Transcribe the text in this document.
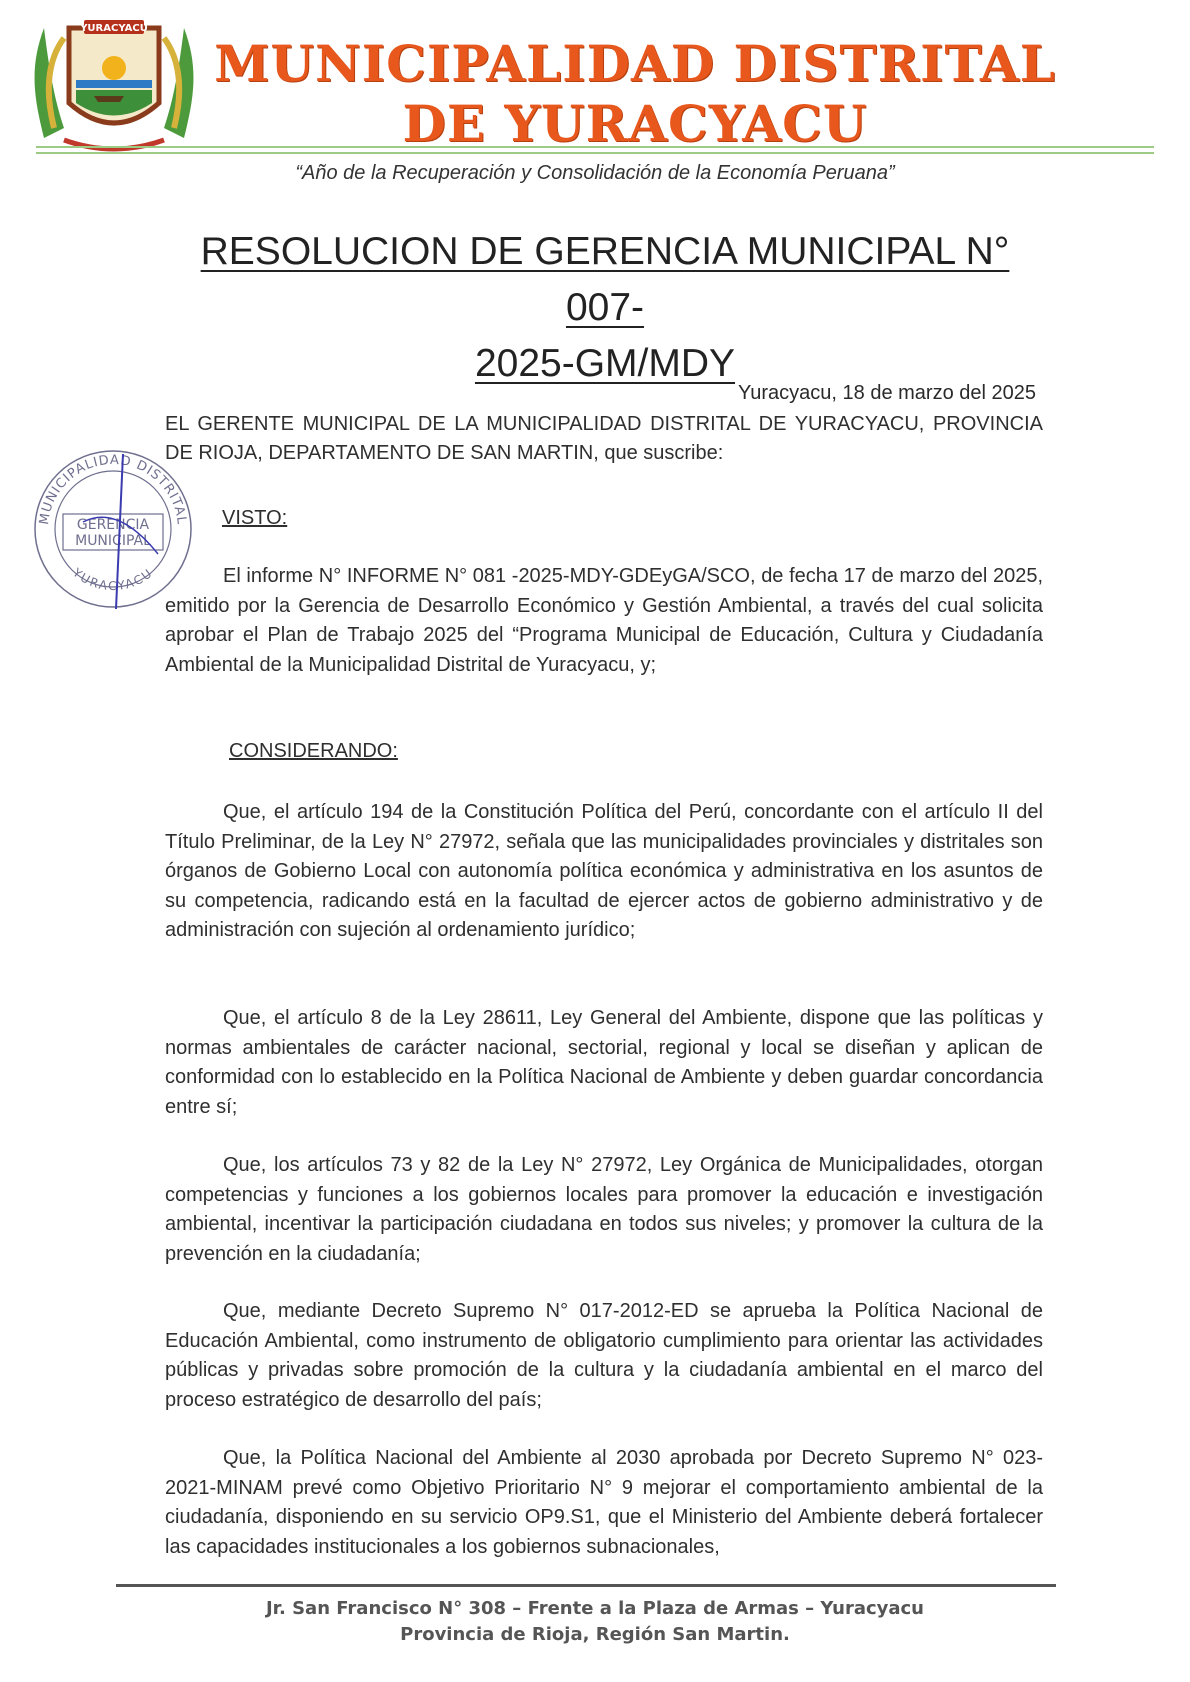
YURACYACU
MUNICIPALIDAD DISTRITAL
DE YURACYACU
“Año de la Recuperación y Consolidación de la Economía Peruana”
RESOLUCION DE GERENCIA MUNICIPAL N° 007-
2025-GM/MDY
Yuracyacu, 18 de marzo del 2025
EL GERENTE MUNICIPAL DE LA MUNICIPALIDAD DISTRITAL DE YURACYACU, PROVINCIA DE RIOJA, DEPARTAMENTO DE SAN MARTIN, que suscribe:
MUNICIPALIDAD DISTRITAL
YURACYACU
GERENCIA
MUNICIPAL
VISTO:
El informe N° INFORME N° 081 -2025-MDY-GDEyGA/SCO, de fecha 17 de marzo del 2025, emitido por la Gerencia de Desarrollo Económico y Gestión Ambiental, a través del cual solicita aprobar el Plan de Trabajo 2025 del “Programa Municipal de Educación, Cultura y Ciudadanía Ambiental de la Municipalidad Distrital de Yuracyacu, y;
CONSIDERANDO:
Que, el artículo 194 de la Constitución Política del Perú, concordante con el artículo II del Título Preliminar, de la Ley N° 27972, señala que las municipalidades provinciales y distritales son órganos de Gobierno Local con autonomía política económica y administrativa en los asuntos de su competencia, radicando está en la facultad de ejercer actos de gobierno administrativo y de administración con sujeción al ordenamiento jurídico;
Que, el artículo 8 de la Ley 28611, Ley General del Ambiente, dispone que las políticas y normas ambientales de carácter nacional, sectorial, regional y local se diseñan y aplican de conformidad con lo establecido en la Política Nacional de Ambiente y deben guardar concordancia entre sí;
Que, los artículos 73 y 82 de la Ley N° 27972, Ley Orgánica de Municipalidades, otorgan competencias y funciones a los gobiernos locales para promover la educación e investigación ambiental, incentivar la participación ciudadana en todos sus niveles; y promover la cultura de la prevención en la ciudadanía;
Que, mediante Decreto Supremo N° 017-2012-ED se aprueba la Política Nacional de Educación Ambiental, como instrumento de obligatorio cumplimiento para orientar las actividades públicas y privadas sobre promoción de la cultura y la ciudadanía ambiental en el marco del proceso estratégico de desarrollo del país;
Que, la Política Nacional del Ambiente al 2030 aprobada por Decreto Supremo N° 023-2021-MINAM prevé como Objetivo Prioritario N° 9 mejorar el comportamiento ambiental de la ciudadanía, disponiendo en su servicio OP9.S1, que el Ministerio del Ambiente deberá fortalecer las capacidades institucionales a los gobiernos subnacionales,
Jr. San Francisco N° 308 – Frente a la Plaza de Armas – Yuracyacu
Provincia de Rioja, Región San Martin.
